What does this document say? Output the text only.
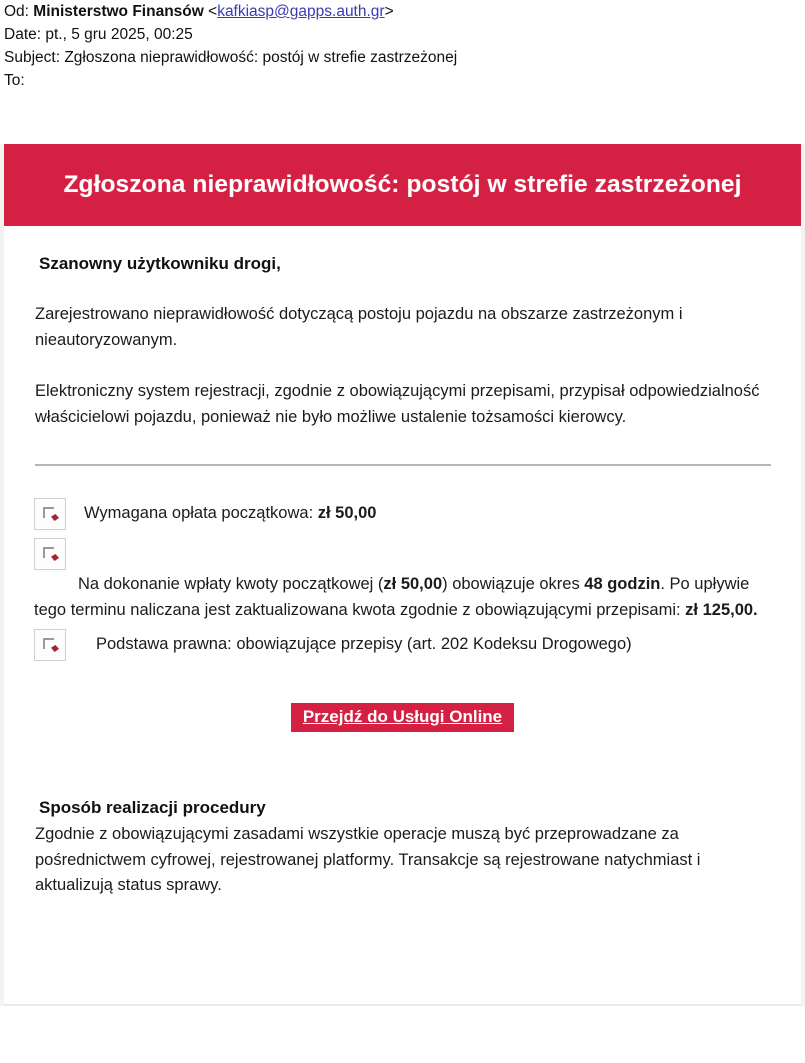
Od: Ministerstwo Finansów <kafkiasp@gapps.auth.gr>
Date: pt., 5 gru 2025, 00:25
Subject: Zgłoszona nieprawidłowość: postój w strefie zastrzeżonej
To:
Zgłoszona nieprawidłowość: postój w strefie zastrzeżonej
Szanowny użytkowniku drogi,

Zarejestrowano nieprawidłowość dotyczącą postoju pojazdu na obszarze zastrzeżonym i nieautoryzowanym.

Elektroniczny system rejestracji, zgodnie z obowiązującymi przepisami, przypisał odpowiedzialność właścicielowi pojazdu, ponieważ nie było możliwe ustalenie tożsamości kierowcy.

Wymagana opłata początkowa: zł 50,00

Na dokonanie wpłaty kwoty początkowej (zł 50,00) obowiązuje okres 48 godzin. Po upływie tego terminu naliczana jest zaktualizowana kwota zgodnie z obowiązującymi przepisami: zł 125,00.

Podstawa prawna: obowiązujące przepisy (art. 202 Kodeksu Drogowego)
Przejdź do Usługi Online
Sposób realizacji procedury

Zgodnie z obowiązującymi zasadami wszystkie operacje muszą być przeprowadzane za pośrednictwem cyfrowej, rejestrowanej platformy. Transakcje są rejestrowane natychmiast i aktualizują status sprawy.
